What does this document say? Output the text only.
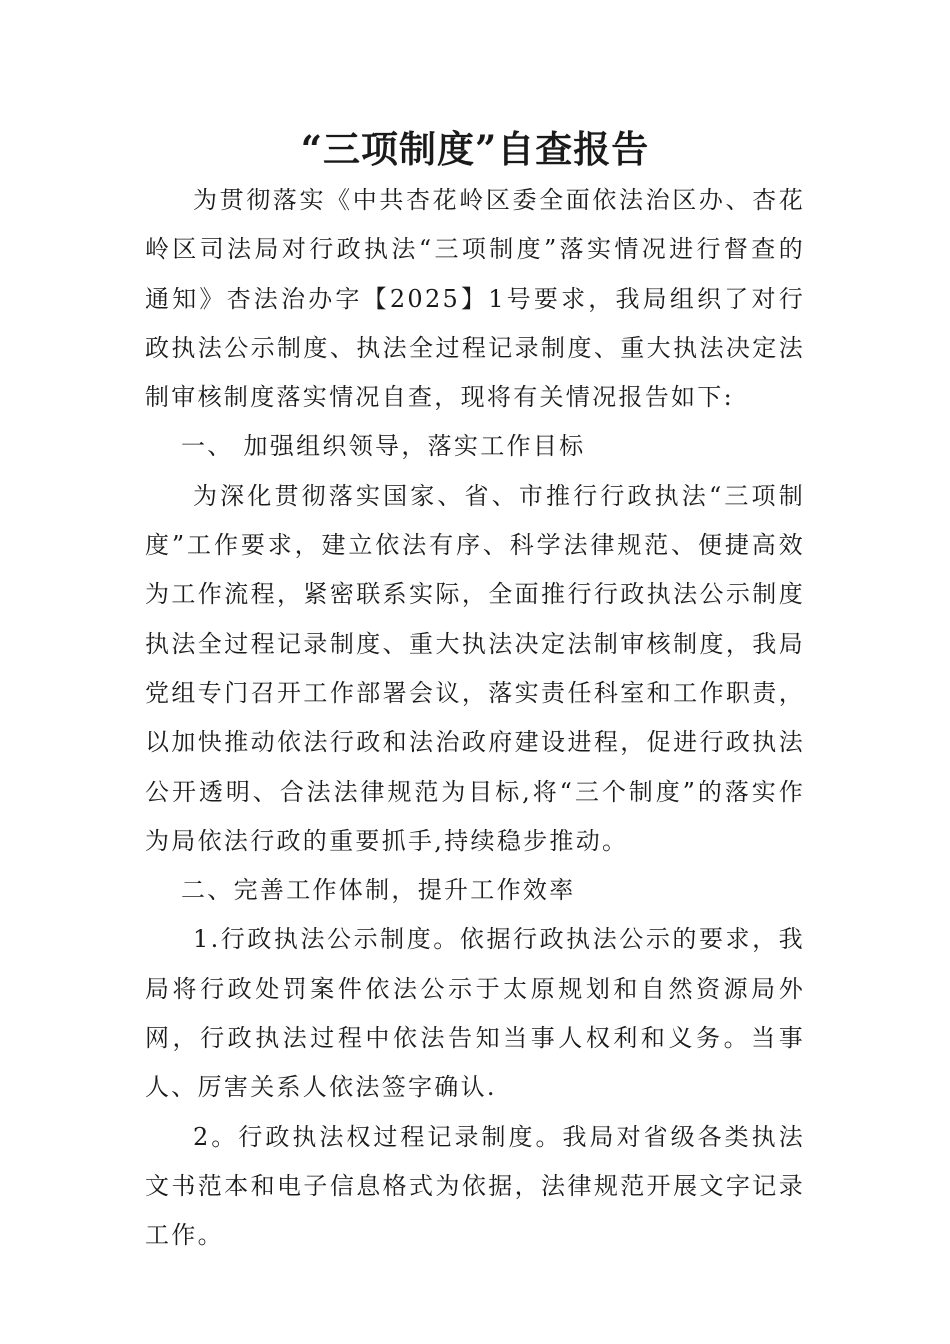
“三项制度”自查报告

为贯彻落实《中共杏花岭区委全面依法治区办、杏花岭区司法局对行政执法“三项制度”落实情况进行督查的通知》杏法治办字【2025】1号要求，我局组织了对行政执法公示制度、执法全过程记录制度、重大执法决定法制审核制度落实情况自查，现将有关情况报告如下:

一、 加强组织领导，落实工作目标

为深化贯彻落实国家、省、市推行行政执法“三项制度”工作要求，建立依法有序、科学法律规范、便捷高效为工作流程，紧密联系实际，全面推行行政执法公示制度执法全过程记录制度、重大执法决定法制审核制度，我局党组专门召开工作部署会议，落实责任科室和工作职责，以加快推动依法行政和法治政府建设进程，促进行政执法公开透明、合法法律规范为目标,将“三个制度”的落实作为局依法行政的重要抓手,持续稳步推动。

二、完善工作体制，提升工作效率

1.行政执法公示制度。依据行政执法公示的要求，我局将行政处罚案件依法公示于太原规划和自然资源局外网，行政执法过程中依法告知当事人权利和义务。当事人、厉害关系人依法签字确认.

2。行政执法权过程记录制度。我局对省级各类执法文书范本和电子信息格式为依据，法律规范开展文字记录工作。
